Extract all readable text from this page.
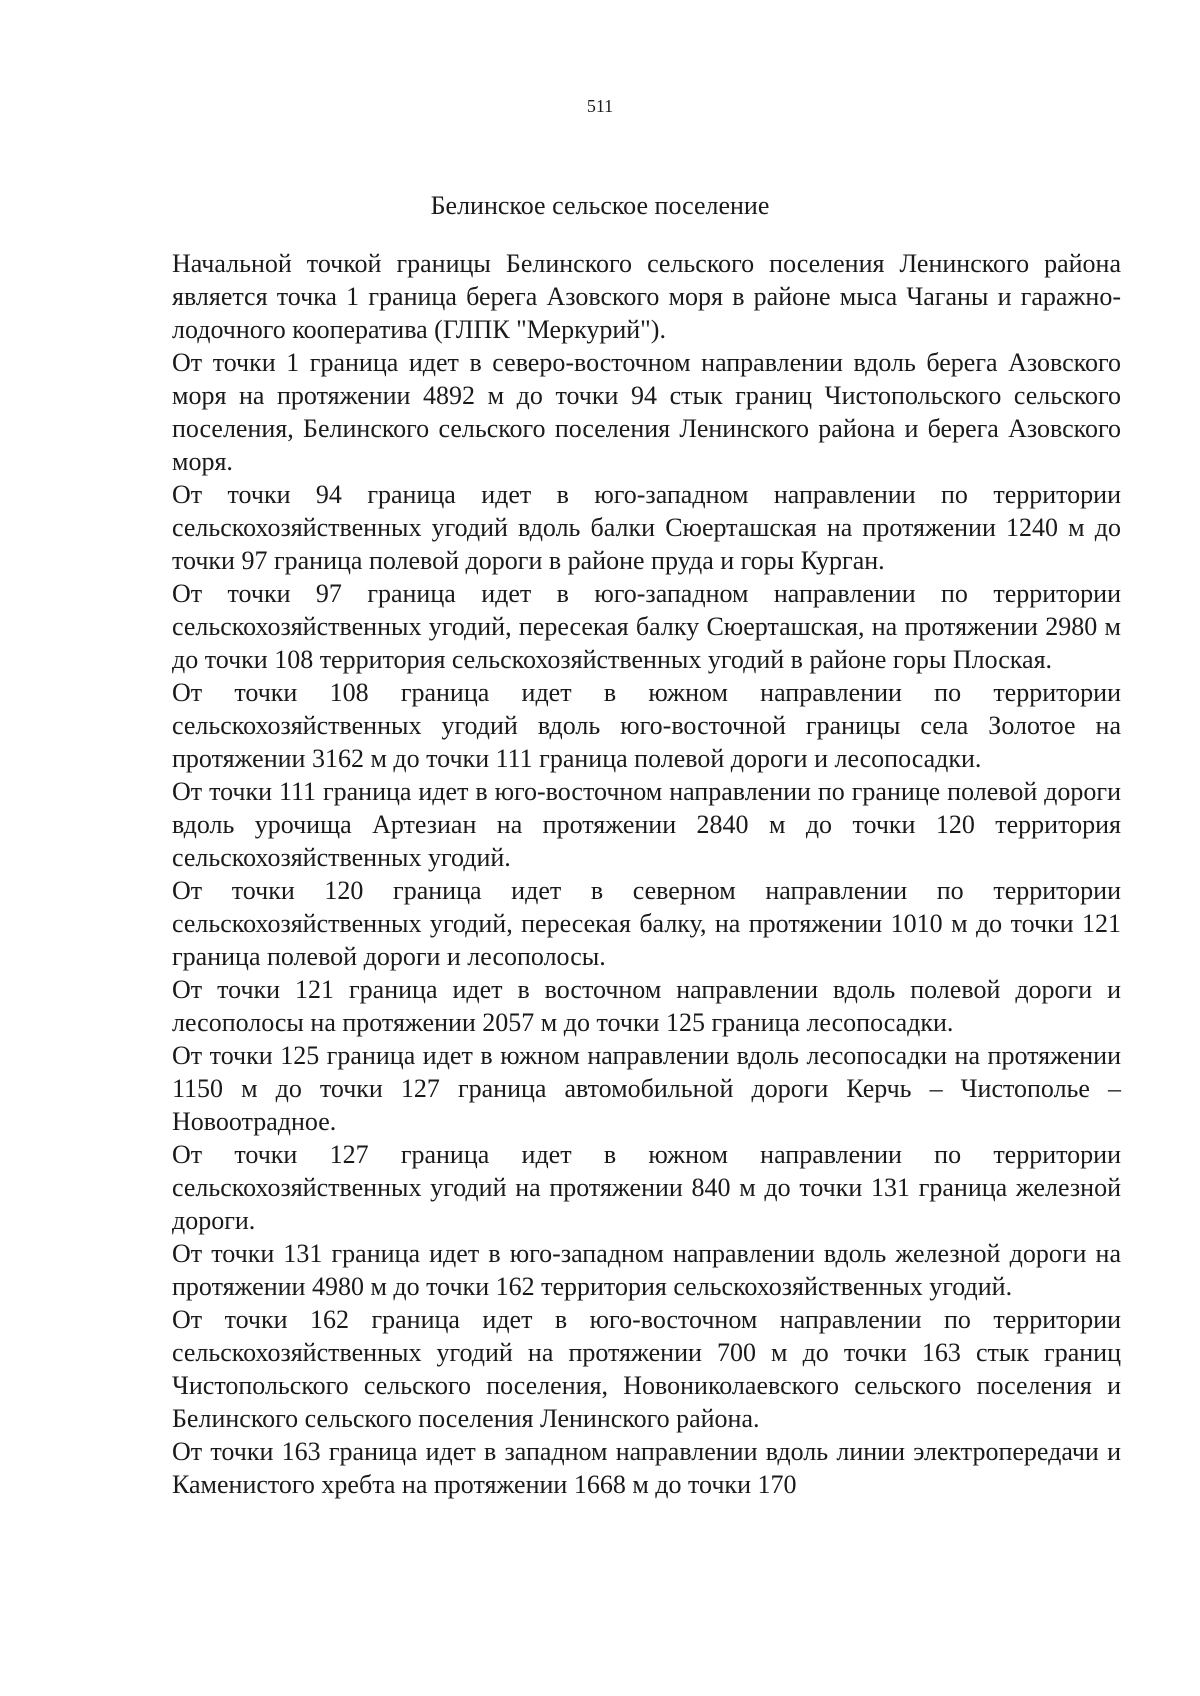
511
Белинское сельское поселение

Начальной точкой границы Белинского сельского поселения Ленинского района является точка 1 граница берега Азовского моря в районе мыса Чаганы и гаражно-лодочного кооператива (ГЛПК "Меркурий").

От точки 1 граница идет в северо-восточном направлении вдоль берега Азовского моря на протяжении 4892 м до точки 94 стык границ Чистопольского сельского поселения, Белинского сельского поселения Ленинского района и берега Азовского моря.

От точки 94 граница идет в юго-западном направлении по территории сельскохозяйственных угодий вдоль балки Сюерташская на протяжении 1240 м до точки 97 граница полевой дороги в районе пруда и горы Курган.

От точки 97 граница идет в юго-западном направлении по территории сельскохозяйственных угодий, пересекая балку Сюерташская, на протяжении 2980 м до точки 108 территория сельскохозяйственных угодий в районе горы Плоская.

От точки 108 граница идет в южном направлении по территории сельскохозяйственных угодий вдоль юго-восточной границы села Золотое на протяжении 3162 м до точки 111 граница полевой дороги и лесопосадки.

От точки 111 граница идет в юго-восточном направлении по границе полевой дороги вдоль урочища Артезиан на протяжении 2840 м до точки 120 территория сельскохозяйственных угодий.

От точки 120 граница идет в северном направлении по территории сельскохозяйственных угодий, пересекая балку, на протяжении 1010 м до точки 121 граница полевой дороги и лесополосы.

От точки 121 граница идет в восточном направлении вдоль полевой дороги и лесополосы на протяжении 2057 м до точки 125 граница лесопосадки.

От точки 125 граница идет в южном направлении вдоль лесопосадки на протяжении 1150 м до точки 127 граница автомобильной дороги Керчь – Чистополье – Новоотрадное.

От точки 127 граница идет в южном направлении по территории сельскохозяйственных угодий на протяжении 840 м до точки 131 граница железной дороги.

От точки 131 граница идет в юго-западном направлении вдоль железной дороги на протяжении 4980 м до точки 162 территория сельскохозяйственных угодий.

От точки 162 граница идет в юго-восточном направлении по территории сельскохозяйственных угодий на протяжении 700 м до точки 163 стык границ Чистопольского сельского поселения, Новониколаевского сельского поселения и Белинского сельского поселения Ленинского района.

От точки 163 граница идет в западном направлении вдоль линии электропередачи и Каменистого хребта на протяжении 1668 м до точки 170
